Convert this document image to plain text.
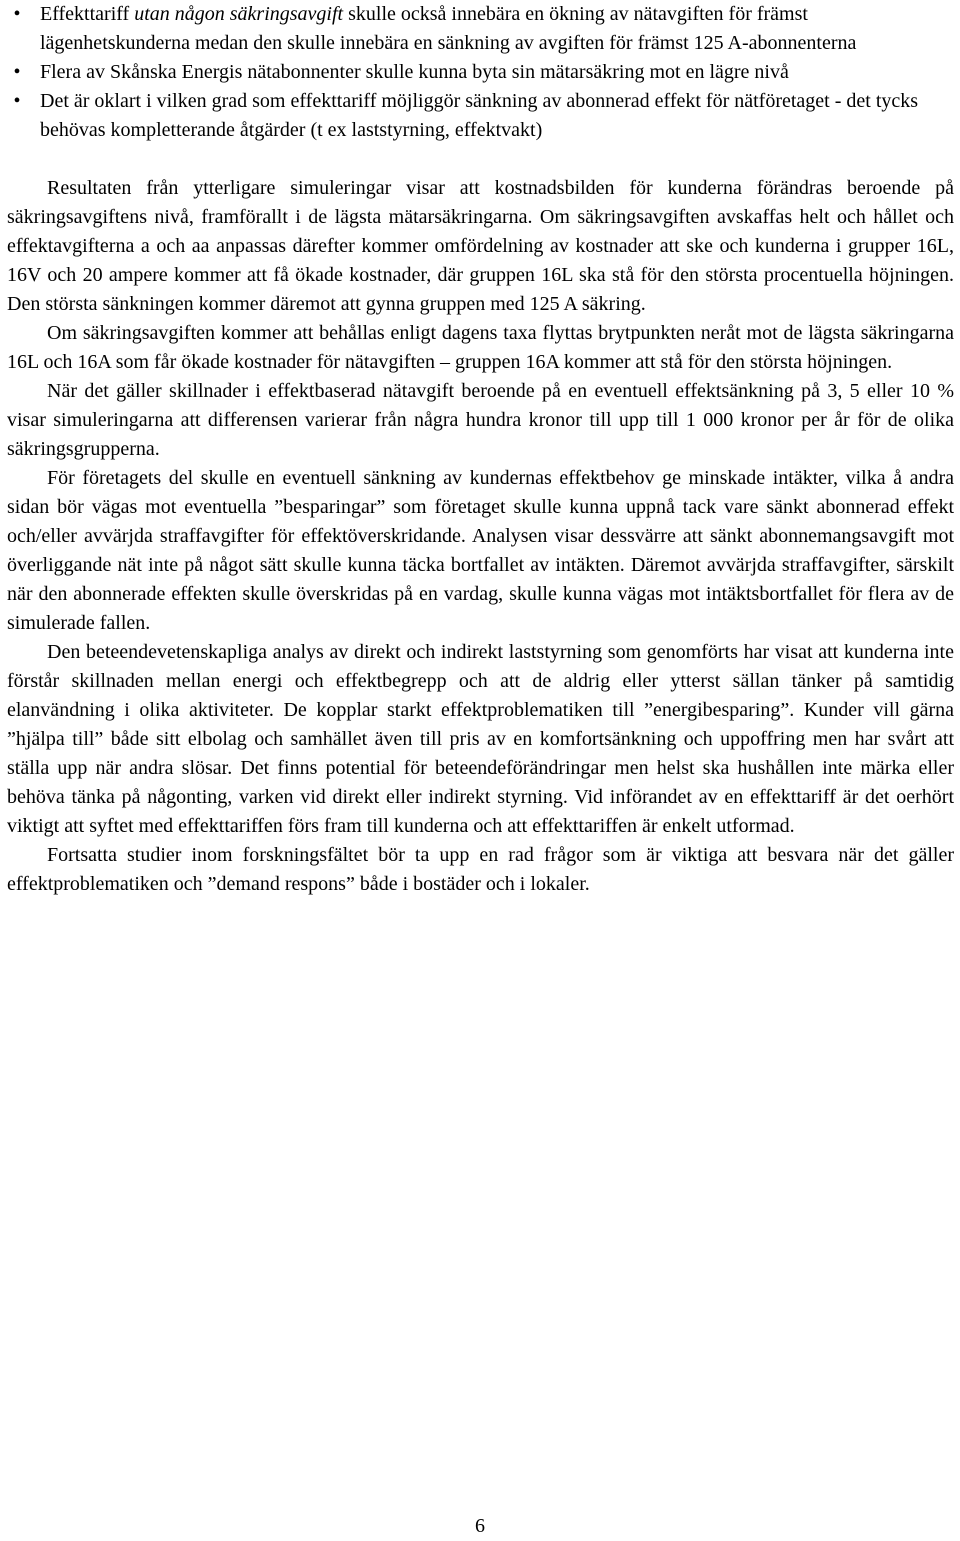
• Effekttariff utan någon säkringsavgift skulle också innebära en ökning av nätavgiften för främst lägenhetskunderna medan den skulle innebära en sänkning av avgiften för främst 125 A-abonnenterna
• Flera av Skånska Energis nätabonnenter skulle kunna byta sin mätarsäkring mot en lägre nivå
• Det är oklart i vilken grad som effekttariff möjliggör sänkning av abonnerad effekt för nätföretaget - det tycks behövas kompletterande åtgärder (t ex laststyrning, effektvakt)

Resultaten från ytterligare simuleringar visar att kostnadsbilden för kunderna förändras beroende på säkringsavgiftens nivå, framförallt i de lägsta mätarsäkringarna. Om säkringsavgiften avskaffas helt och hållet och effektavgifterna a och aa anpassas därefter kommer omfördelning av kostnader att ske och kunderna i grupper 16L, 16V och 20 ampere kommer att få ökade kostnader, där gruppen 16L ska stå för den största procentuella höjningen. Den största sänkningen kommer däremot att gynna gruppen med 125 A säkring.

Om säkringsavgiften kommer att behållas enligt dagens taxa flyttas brytpunkten neråt mot de lägsta säkringarna 16L och 16A som får ökade kostnader för nätavgiften – gruppen 16A kommer att stå för den största höjningen.

När det gäller skillnader i effektbaserad nätavgift beroende på en eventuell effektsänkning på 3, 5 eller 10 % visar simuleringarna att differensen varierar från några hundra kronor till upp till 1 000 kronor per år för de olika säkringsgrupperna.

För företagets del skulle en eventuell sänkning av kundernas effektbehov ge minskade intäkter, vilka å andra sidan bör vägas mot eventuella ”besparingar” som företaget skulle kunna uppnå tack vare sänkt abonnerad effekt och/eller avvärjda straffavgifter för effektöverskridande. Analysen visar dessvärre att sänkt abonnemangsavgift mot överliggande nät inte på något sätt skulle kunna täcka bortfallet av intäkten. Däremot avvärjda straffavgifter, särskilt när den abonnerade effekten skulle överskridas på en vardag, skulle kunna vägas mot intäktsbortfallet för flera av de simulerade fallen.

Den beteendevetenskapliga analys av direkt och indirekt laststyrning som genomförts har visat att kunderna inte förstår skillnaden mellan energi och effektbegrepp och att de aldrig eller ytterst sällan tänker på samtidig elanvändning i olika aktiviteter. De kopplar starkt effektproblematiken till ”energibesparing”. Kunder vill gärna ”hjälpa till” både sitt elbolag och samhället även till pris av en komfortsänkning och uppoffring men har svårt att ställa upp när andra slösar. Det finns potential för beteendeförändringar men helst ska hushållen inte märka eller behöva tänka på någonting, varken vid direkt eller indirekt styrning. Vid införandet av en effekttariff är det oerhört viktigt att syftet med effekttariffen förs fram till kunderna och att effekttariffen är enkelt utformad.

Fortsatta studier inom forskningsfältet bör ta upp en rad frågor som är viktiga att besvara när det gäller effektproblematiken och ”demand respons” både i bostäder och i lokaler.

6
